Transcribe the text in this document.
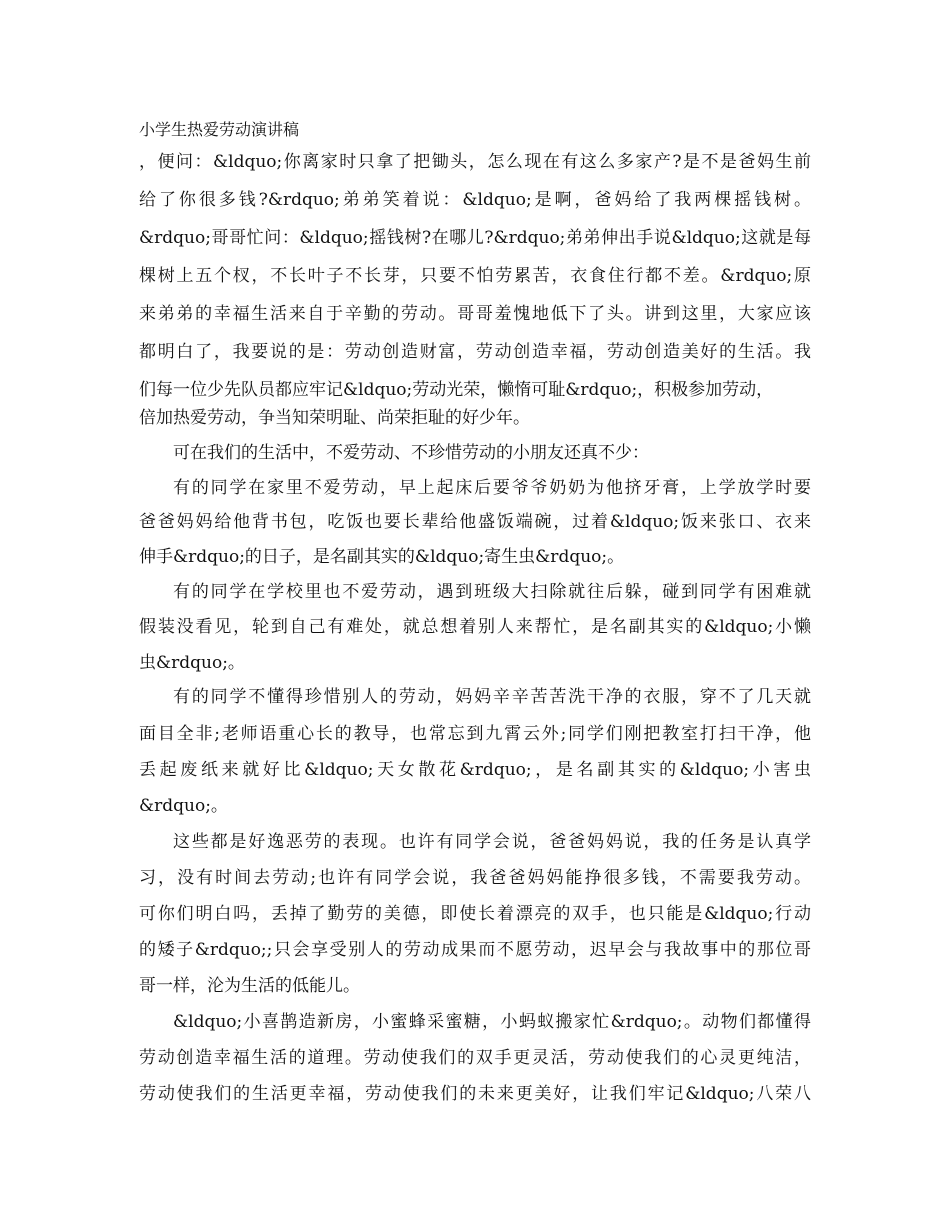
小学生热爱劳动演讲稿
，便问：&ldquo;你离家时只拿了把锄头，怎么现在有这么多家产?是不是爸妈生前
给了你很多钱?&rdquo;弟弟笑着说：&ldquo;是啊，爸妈给了我两棵摇钱树。
&rdquo;哥哥忙问：&ldquo;摇钱树?在哪儿?&rdquo;弟弟伸出手说&ldquo;这就是每
棵树上五个杈，不长叶子不长芽，只要不怕劳累苦，衣食住行都不差。&rdquo;原
来弟弟的幸福生活来自于辛勤的劳动。哥哥羞愧地低下了头。讲到这里，大家应该
都明白了，我要说的是：劳动创造财富，劳动创造幸福，劳动创造美好的生活。我
们每一位少先队员都应牢记&ldquo;劳动光荣，懒惰可耻&rdquo;，积极参加劳动，
倍加热爱劳动，争当知荣明耻、尚荣拒耻的好少年。
可在我们的生活中，不爱劳动、不珍惜劳动的小朋友还真不少：
有的同学在家里不爱劳动，早上起床后要爷爷奶奶为他挤牙膏，上学放学时要
爸爸妈妈给他背书包，吃饭也要长辈给他盛饭端碗，过着&ldquo;饭来张口、衣来
伸手&rdquo;的日子，是名副其实的&ldquo;寄生虫&rdquo;。
有的同学在学校里也不爱劳动，遇到班级大扫除就往后躲，碰到同学有困难就
假装没看见，轮到自己有难处，就总想着别人来帮忙，是名副其实的&ldquo;小懒
虫&rdquo;。
有的同学不懂得珍惜别人的劳动，妈妈辛辛苦苦洗干净的衣服，穿不了几天就
面目全非;老师语重心长的教导，也常忘到九霄云外;同学们刚把教室打扫干净，他
丢起废纸来就好比&ldquo;天女散花&rdquo;，是名副其实的&ldquo;小害虫
&rdquo;。
这些都是好逸恶劳的表现。也许有同学会说，爸爸妈妈说，我的任务是认真学
习，没有时间去劳动;也许有同学会说，我爸爸妈妈能挣很多钱，不需要我劳动。
可你们明白吗，丢掉了勤劳的美德，即使长着漂亮的双手，也只能是&ldquo;行动
的矮子&rdquo;;只会享受别人的劳动成果而不愿劳动，迟早会与我故事中的那位哥
哥一样，沦为生活的低能儿。
&ldquo;小喜鹊造新房，小蜜蜂采蜜糖，小蚂蚁搬家忙&rdquo;。动物们都懂得
劳动创造幸福生活的道理。劳动使我们的双手更灵活，劳动使我们的心灵更纯洁，
劳动使我们的生活更幸福，劳动使我们的未来更美好，让我们牢记&ldquo;八荣八
